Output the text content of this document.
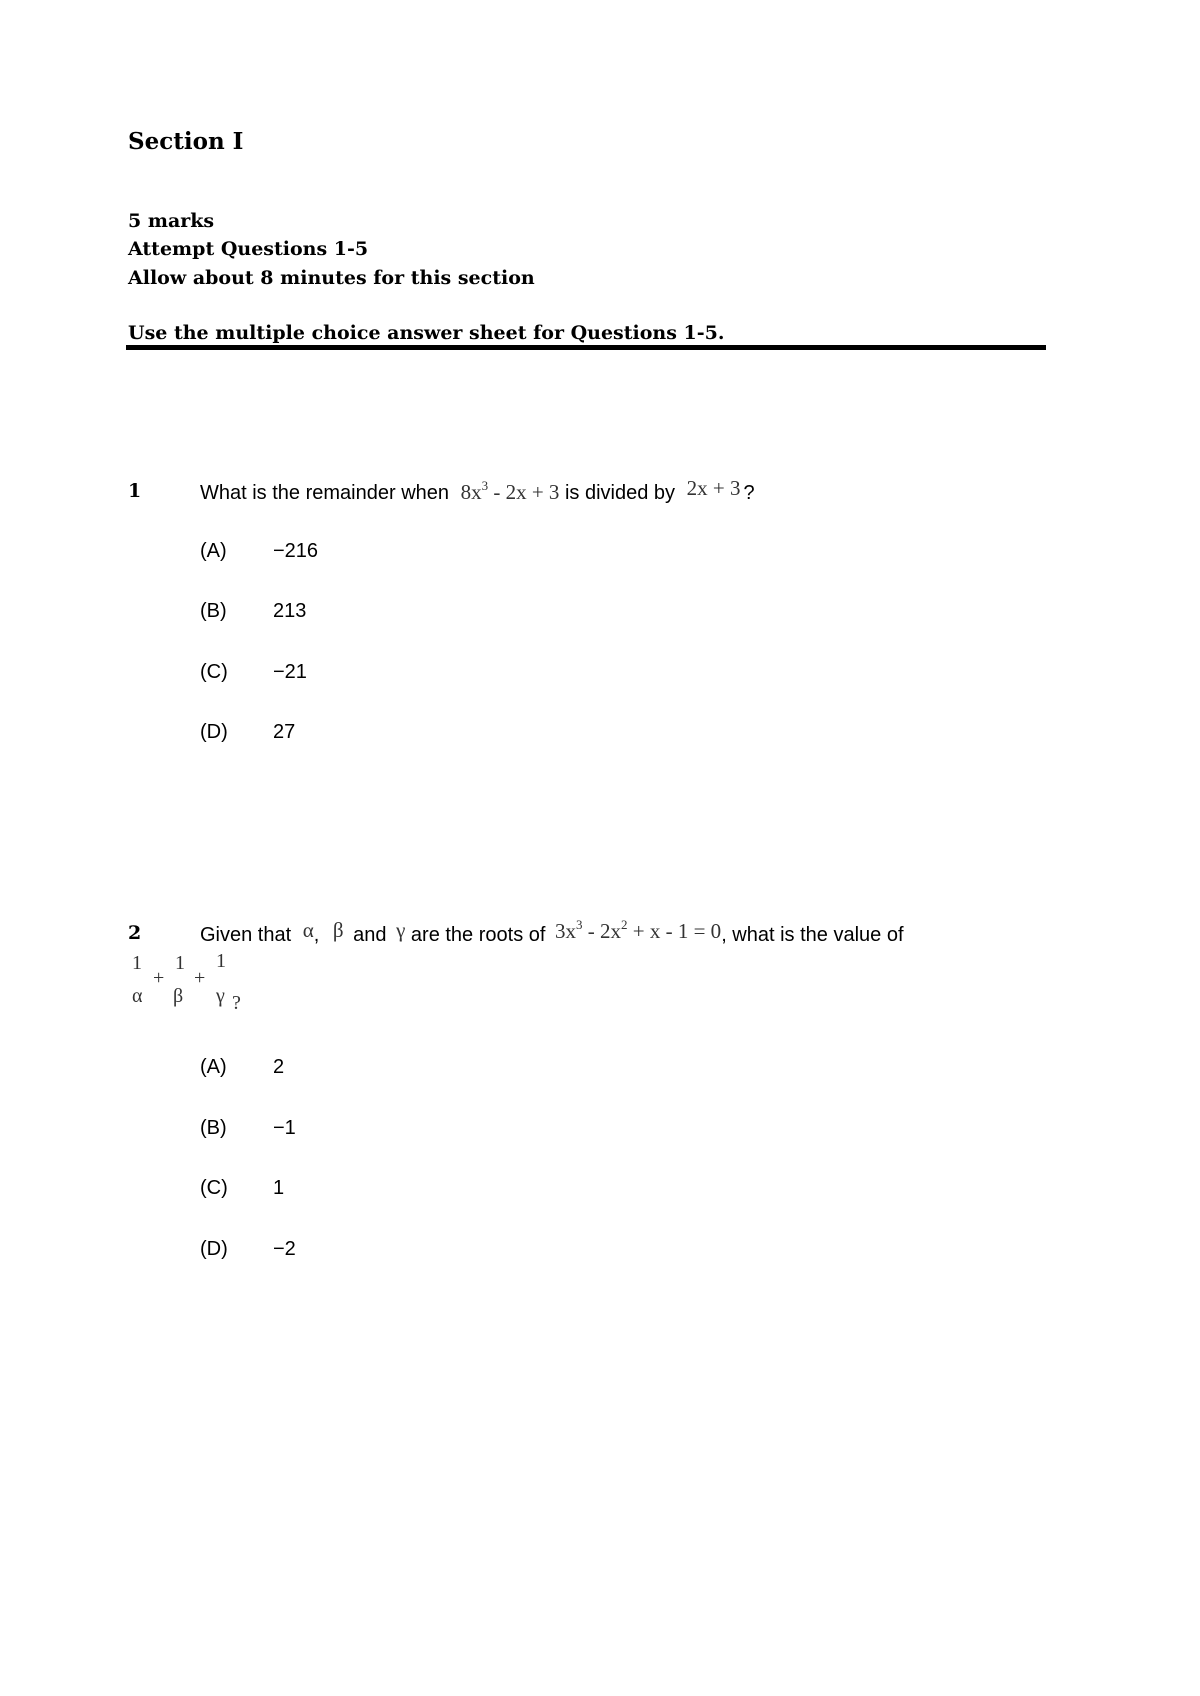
Section I
5 marks
Attempt Questions 1-5
Allow about 8 minutes for this section
Use the multiple choice answer sheet for Questions 1-5.
1	What is the remainder when $8x^3 - 2x + 3$ is divided by 2x + 3 ?
(A) −216
(B) 213
(C) −21
(D) 27
2	Given that α, β and γ are the roots of $3x^3 - 2x^2 + x - 1 = 0$, what is the value of
1
α
+
1
β
+
1
γ ?
(A) 2
(B) −1
(C) 1
(D) −2
